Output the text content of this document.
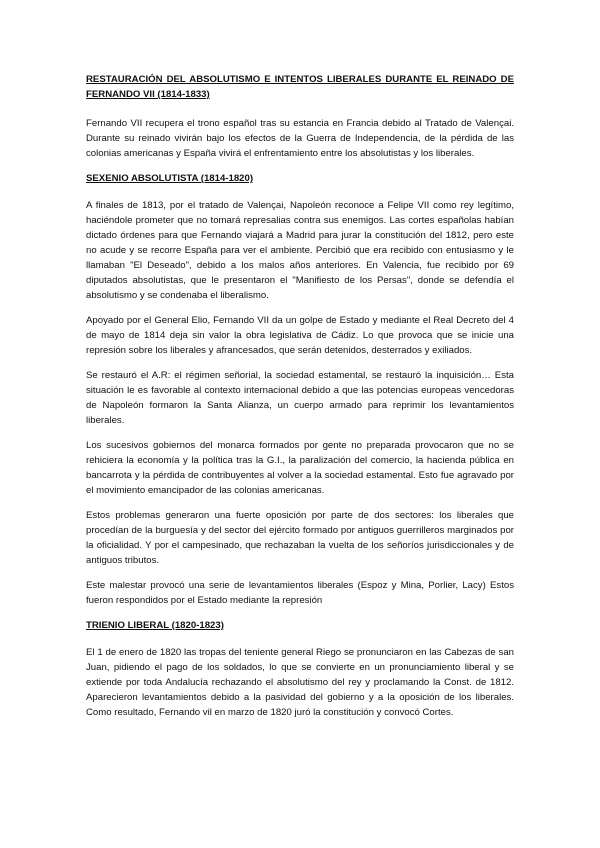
RESTAURACIÓN DEL ABSOLUTISMO E INTENTOS LIBERALES DURANTE EL REINADO DE FERNANDO VII (1814-1833)

Fernando VII recupera el trono español tras su estancia en Francia debido al Tratado de Valençai. Durante su reinado vivirán bajo los efectos de la Guerra de Independencia, de la pérdida de las colonias americanas y España vivirá el enfrentamiento entre los absolutistas y los liberales.

SEXENIO ABSOLUTISTA (1814-1820)

A finales de 1813, por el tratado de Valençai, Napoleón reconoce a Felipe VII como rey legítimo, haciéndole prometer que no tomará represalias contra sus enemigos. Las cortes españolas habían dictado órdenes para que Fernando viajará a Madrid para jurar la constitución del 1812, pero este no acude y se recorre España para ver el ambiente. Percibió que era recibido con entusiasmo y le llamaban "El Deseado", debido a los malos años anteriores. En Valencia, fue recibido por 69 diputados absolutistas, que le presentaron el "Manifiesto de los Persas", donde se defendía el absolutismo y se condenaba el liberalismo.

Apoyado por el General Elio, Fernando VII da un golpe de Estado y mediante el Real Decreto del 4 de mayo de 1814 deja sin valor la obra legislativa de Cádiz. Lo que provoca que se inicie una represión sobre los liberales y afrancesados, que serán detenidos, desterrados y exiliados.

Se restauró el A.R: el régimen señorial, la sociedad estamental, se restauró la inquisición… Esta situación le es favorable al contexto internacional debido a que las potencias europeas vencedoras de Napoleón formaron la Santa Alianza, un cuerpo armado para reprimir los levantamientos liberales.

Los sucesivos gobiernos del monarca formados por gente no preparada provocaron que no se rehiciera la economía y la política tras la G.I., la paralización del comercio, la hacienda pública en bancarrota y la pérdida de contribuyentes al volver a la sociedad estamental. Esto fue agravado por el movimiento emancipador de las colonias americanas.

Estos problemas generaron una fuerte oposición por parte de dos sectores: los liberales que procedían de la burguesía y del sector del ejército formado por antiguos guerrilleros marginados por la oficialidad. Y por el campesinado, que rechazaban la vuelta de los señoríos jurisdiccionales y de antiguos tributos.

Este malestar provocó una serie de levantamientos liberales (Espoz y Mina, Porlier, Lacy) Estos fueron respondidos por el Estado mediante la represión

TRIENIO LIBERAL (1820-1823)

El 1 de enero de 1820 las tropas del teniente general Riego se pronunciaron en las Cabezas de san Juan, pidiendo el pago de los soldados, lo que se convierte en un pronunciamiento liberal y se extiende por toda Andalucía rechazando el absolutismo del rey y proclamando la Const. de 1812. Aparecieron levantamientos debido a la pasividad del gobierno y a la oposición de los liberales. Como resultado, Fernando vil en marzo de 1820 juró la constitución y convocó Cortes.
